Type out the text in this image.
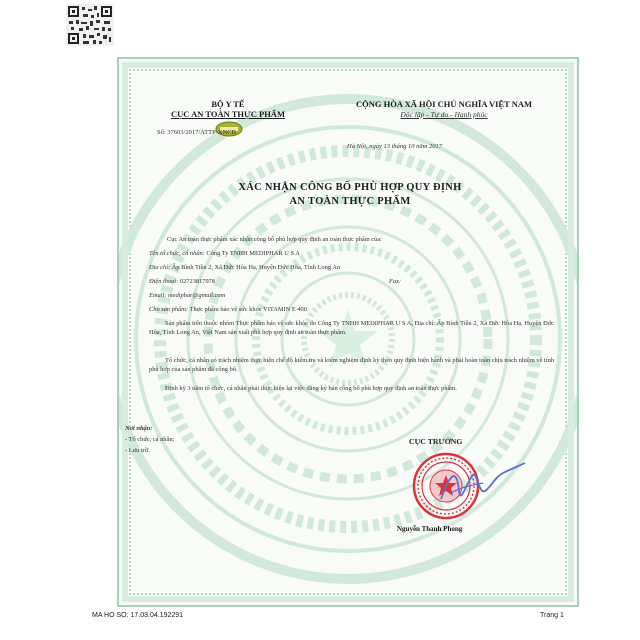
BỘ Y TẾ
CỤC AN TOÀN THỰC PHẨM
Số: 37603/2017/ATTP-XNCB
CỘNG HÒA XÃ HỘI CHỦ NGHĨA VIỆT NAM
Độc lập - Tự do - Hạnh phúc
Hà Nội, ngày 13 tháng 10 năm 2017
XÁC NHẬN CÔNG BỐ PHÙ HỢP QUY ĐỊNH
AN TOÀN THỰC PHẨM
Cục An toàn thực phẩm xác nhận công bố phù hợp quy định an toàn thực phẩm của:
Tên tổ chức, cá nhân: Công Ty TNHH MEDIPHAR U S A
Địa chỉ: Ấp Bình Tiền 2, Xã Đức Hòa Hạ, Huyện Đức Hòa, Tỉnh Long An
Điện thoại: 02723817978	Fax:
Email: mediphar@gmail.com
Cho sản phẩm: Thực phẩm bảo vệ sức khỏe VITAMIN E 400
Sản phẩm trên thuộc nhóm Thực phẩm bảo vệ sức khỏe do Công Ty TNHH MEDIPHAR U S A, Địa chỉ: Ấp Bình Tiền 2, Xã Đức Hòa Hạ, Huyện Đức Hòa, Tỉnh Long An, Việt Nam sản xuất phù hợp quy định an toàn thực phẩm.
Tổ chức, cá nhân có trách nhiệm thực hiện chế độ kiểm tra và kiểm nghiệm định kỳ theo quy định hiện hành và phải hoàn toàn chịu trách nhiệm về tính phù hợp của sản phẩm đã công bố.
Định kỳ 3 năm tổ chức, cá nhân phải thực hiện lại việc đăng ký bản công bố phù hợp quy định an toàn thực phẩm.
Nơi nhận:
- Tổ chức, cá nhân;
- Lưu trữ.
CỤC TRƯỞNG
Nguyễn Thanh Phong
MA HO SO: 17.03.04.192291	Trang 1
